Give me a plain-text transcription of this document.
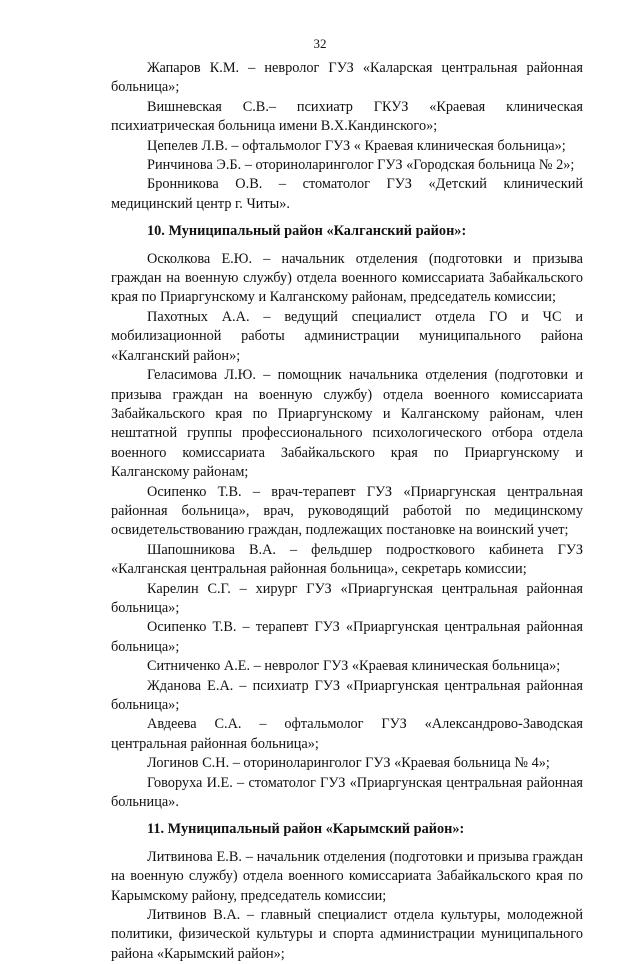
32

Жапаров К.М. – невролог ГУЗ «Каларская центральная районная больница»;

Вишневская С.В.– психиатр ГКУЗ «Краевая клиническая психиатрическая больница имени В.Х.Кандинского»;

Цепелев Л.В. – офтальмолог ГУЗ « Краевая клиническая больница»;

Ринчинова Э.Б. – оториноларинголог ГУЗ «Городская больница № 2»;

Бронникова О.В. – стоматолог ГУЗ «Детский клинический медицинский центр г. Читы».

10. Муниципальный район «Калганский район»:

Осколкова Е.Ю. – начальник отделения (подготовки и призыва граждан на военную службу) отдела военного комиссариата Забайкальского края по Приаргунскому и Калганскому районам, председатель комиссии;

Пахотных А.А. – ведущий специалист отдела ГО и ЧС и мобилизационной работы администрации муниципального района «Калганский район»;

Геласимова Л.Ю. – помощник начальника отделения (подготовки и призыва граждан на военную службу) отдела военного комиссариата Забайкальского края по Приаргунскому и Калганскому районам, член нештатной группы профессионального психологического отбора отдела военного комиссариата Забайкальского края по Приаргунскому и Калганскому районам;

Осипенко Т.В. – врач-терапевт ГУЗ «Приаргунская центральная районная больница», врач, руководящий работой по медицинскому освидетельствованию граждан, подлежащих постановке на воинский учет;

Шапошникова В.А. – фельдшер подросткового кабинета ГУЗ «Калганская центральная районная больница», секретарь комиссии;

Карелин С.Г. – хирург ГУЗ «Приаргунская центральная районная больница»;

Осипенко Т.В. – терапевт ГУЗ «Приаргунская центральная районная больница»;

Ситниченко А.Е. – невролог ГУЗ «Краевая клиническая больница»;

Жданова Е.А. – психиатр ГУЗ «Приаргунская центральная районная больница»;

Авдеева С.А. – офтальмолог ГУЗ «Александрово-Заводская центральная районная больница»;

Логинов С.Н. – оториноларинголог ГУЗ «Краевая больница № 4»;

Говоруха И.Е. – стоматолог ГУЗ «Приаргунская центральная районная больница».

11. Муниципальный район «Карымский район»:

Литвинова Е.В. – начальник отделения (подготовки и призыва граждан на военную службу) отдела военного комиссариата Забайкальского края по Карымскому району, председатель комиссии;

Литвинов В.А. – главный специалист отдела культуры, молодежной политики, физической культуры и спорта администрации муниципального района «Карымский район»;
